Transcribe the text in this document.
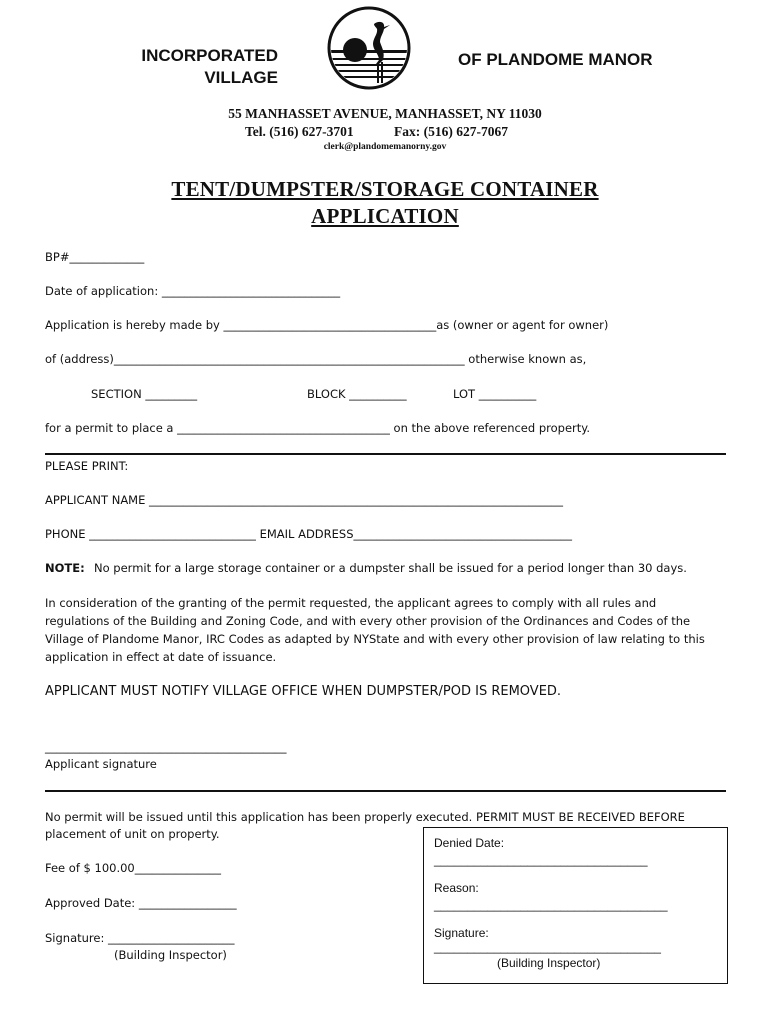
INCORPORATED
VILLAGE
OF PLANDOME MANOR
55 MANHASSET AVENUE, MANHASSET, NY 11030
Tel. (516) 627-3701	Fax: (516) 627-7067
clerk@plandomemanorny.gov
TENT/DUMPSTER/STORAGE CONTAINER
APPLICATION
BP#_____________
Date of application: _______________________________
Application is hereby made by _____________________________________as (owner or agent for owner)
of (address)_____________________________________________________________ otherwise known as,
SECTION _________	BLOCK __________	LOT __________
for a permit to place a _____________________________________ on the above referenced property.
PLEASE PRINT:
APPLICANT NAME ________________________________________________________________________
PHONE _____________________________ EMAIL ADDRESS______________________________________
NOTE: No permit for a large storage container or a dumpster shall be issued for a period longer than 30 days.
In consideration of the granting of the permit requested, the applicant agrees to comply with all rules and regulations of the Building and Zoning Code, and with every other provision of the Ordinances and Codes of the Village of Plandome Manor, IRC Codes as adapted by NYState and with every other provision of law relating to this application in effect at date of issuance.
APPLICANT MUST NOTIFY VILLAGE OFFICE WHEN DUMPSTER/POD IS REMOVED.
__________________________________________
Applicant signature
No permit will be issued until this application has been properly executed. PERMIT MUST BE RECEIVED BEFORE
placement of unit on property.
Fee of $ 100.00_______________
Approved Date: _________________
Signature: ______________________
(Building Inspector)
Denied Date:
________________________________
Reason:
___________________________________
Signature:
__________________________________
(Building Inspector)
